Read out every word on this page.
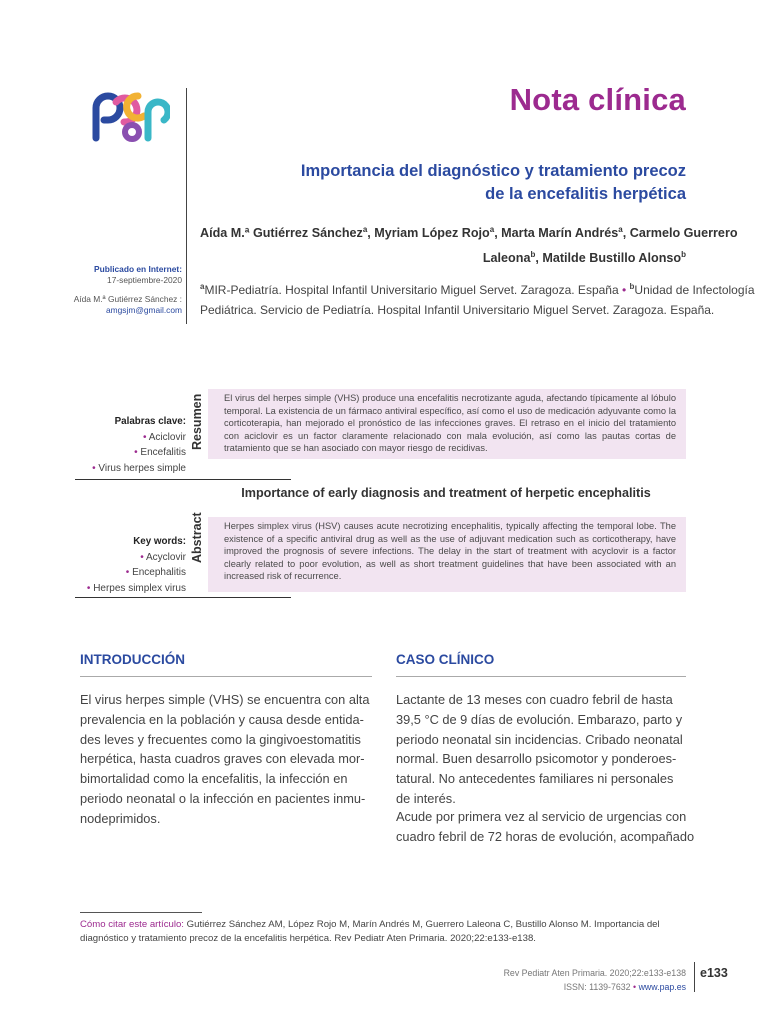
Nota clínica
Importancia del diagnóstico y tratamiento precoz
de la encefalitis herpética
Aída M.ª Gutiérrez Sánchez$^a$, Myriam López Rojo$^a$, Marta Marín Andrés$^a$, Carmelo Guerrero
Laleona$^b$, Matilde Bustillo Alonso$^b$
$^a$MIR-Pediatría. Hospital Infantil Universitario Miguel Servet. Zaragoza. España • $^b$Unidad de Infectología
Pediátrica. Servicio de Pediatría. Hospital Infantil Universitario Miguel Servet. Zaragoza. España.
Publicado en Internet:
17-septiembre-2020
Aída M.ª Gutiérrez Sánchez :
amgsjm@gmail.com
Palabras clave:
• Aciclovir
• Encefalitis
• Virus herpes simple
Resumen	El virus del herpes simple (VHS) produce una encefalitis necrotizante aguda, afectando típicamente al lóbulo temporal. La existencia de un fármaco antiviral específico, así como el uso de medicación adyuvante como la corticoterapia, han mejorado el pronóstico de las infecciones graves. El retraso en el inicio del tratamiento con aciclovir es un factor claramente relacionado con mala evolución, así como las pautas cortas de tratamiento que se han asociado con mayor riesgo de recidivas.
Importance of early diagnosis and treatment of herpetic encephalitis
Key words:
• Acyclovir
• Encephalitis
• Herpes simplex virus
Abstract	Herpes simplex virus (HSV) causes acute necrotizing encephalitis, typically affecting the temporal lobe. The existence of a specific antiviral drug as well as the use of adjuvant medication such as corticotherapy, have improved the prognosis of severe infections. The delay in the start of treatment with acyclovir is a factor clearly related to poor evolution, as well as short treatment guidelines that have been associated with an increased risk of recurrence.
INTRODUCCIÓN
El virus herpes simple (VHS) se encuentra con alta
prevalencia en la población y causa desde entida-
des leves y frecuentes como la gingivoestomatitis
herpética, hasta cuadros graves con elevada mor-
bimortalidad como la encefalitis, la infección en
periodo neonatal o la infección en pacientes inmu-
nodeprimidos.
CASO CLÍNICO
Lactante de 13 meses con cuadro febril de hasta
39,5 °C de 9 días de evolución. Embarazo, parto y
periodo neonatal sin incidencias. Cribado neonatal
normal. Buen desarrollo psicomotor y ponderoes-
tatural. No antecedentes familiares ni personales
de interés.
Acude por primera vez al servicio de urgencias con
cuadro febril de 72 horas de evolución, acompañado
Cómo citar este artículo: Gutiérrez Sánchez AM, López Rojo M, Marín Andrés M, Guerrero Laleona C, Bustillo Alonso M. Importancia del diagnóstico y tratamiento precoz de la encefalitis herpética. Rev Pediatr Aten Primaria. 2020;22:e133-e138.
Rev Pediatr Aten Primaria. 2020;22:e133-e138
ISSN: 1139-7632 • www.pap.es
e133
